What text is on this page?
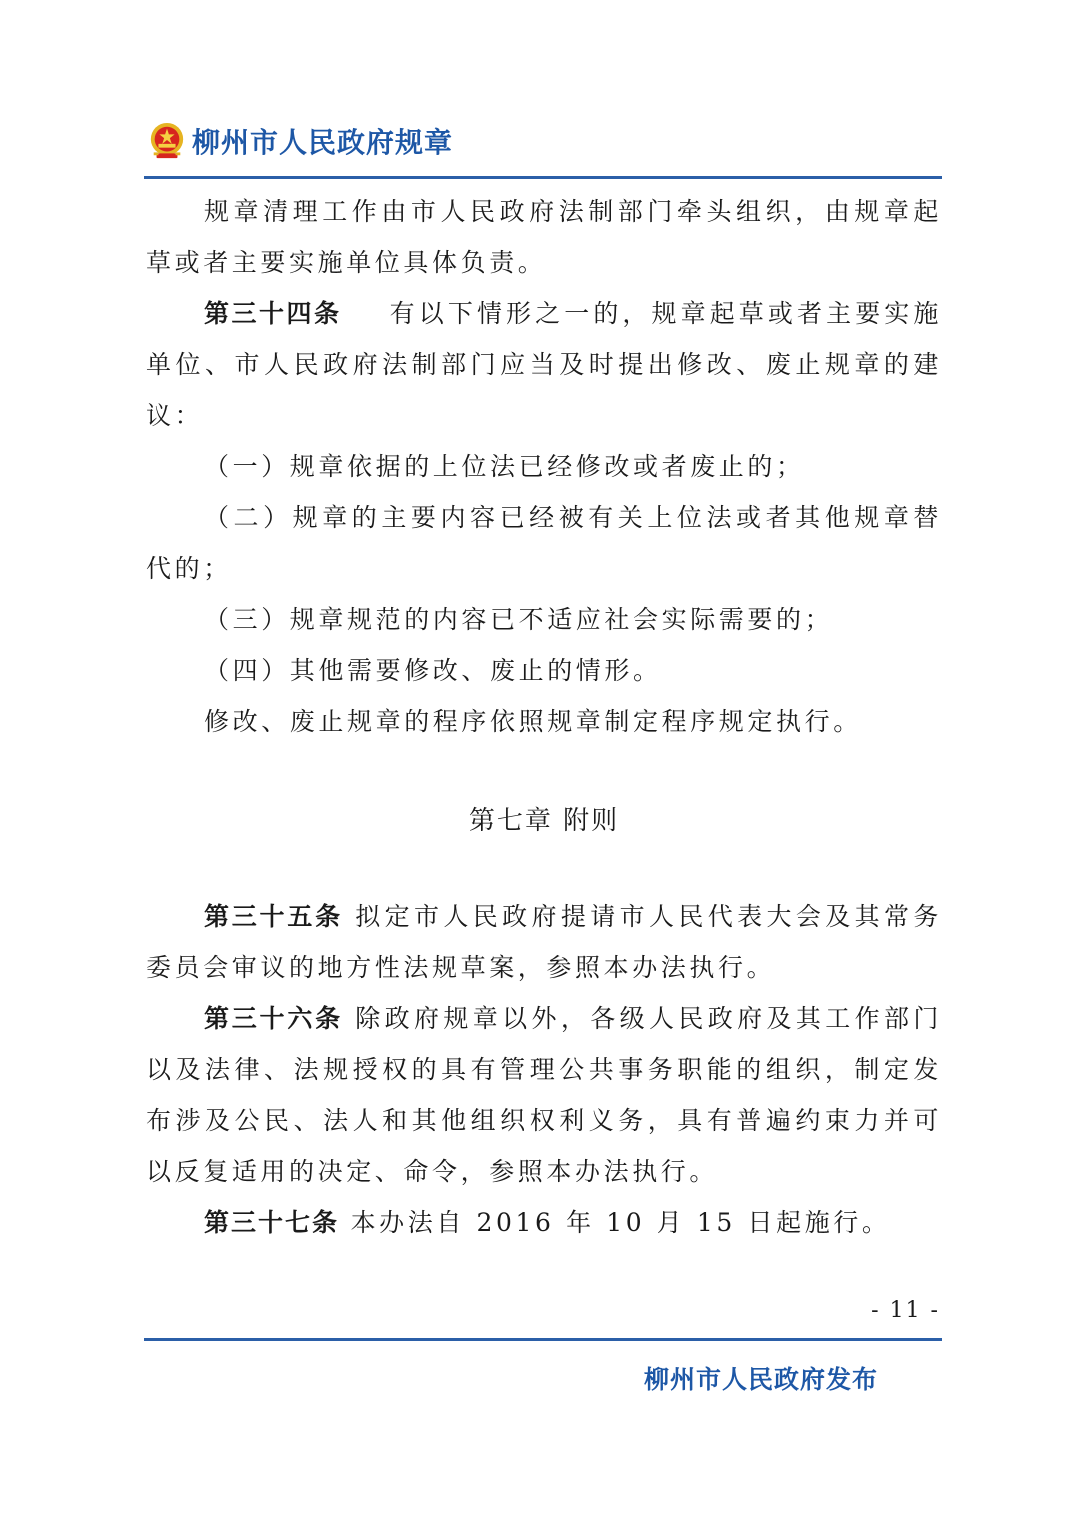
柳州市人民政府规章

规章清理工作由市人民政府法制部门牵头组织，由规章起草或者主要实施单位具体负责。

第三十四条 有以下情形之一的，规章起草或者主要实施单位、市人民政府法制部门应当及时提出修改、废止规章的建议：

（一）规章依据的上位法已经修改或者废止的；

（二）规章的主要内容已经被有关上位法或者其他规章替代的；

（三）规章规范的内容已不适应社会实际需要的；

（四）其他需要修改、废止的情形。

修改、废止规章的程序依照规章制定程序规定执行。

第七章 附则

第三十五条 拟定市人民政府提请市人民代表大会及其常务委员会审议的地方性法规草案，参照本办法执行。

第三十六条 除政府规章以外，各级人民政府及其工作部门以及法律、法规授权的具有管理公共事务职能的组织，制定发布涉及公民、法人和其他组织权利义务，具有普遍约束力并可以反复适用的决定、命令，参照本办法执行。

第三十七条 本办法自 2016 年 10 月 15 日起施行。

- 11 -
柳州市人民政府发布
